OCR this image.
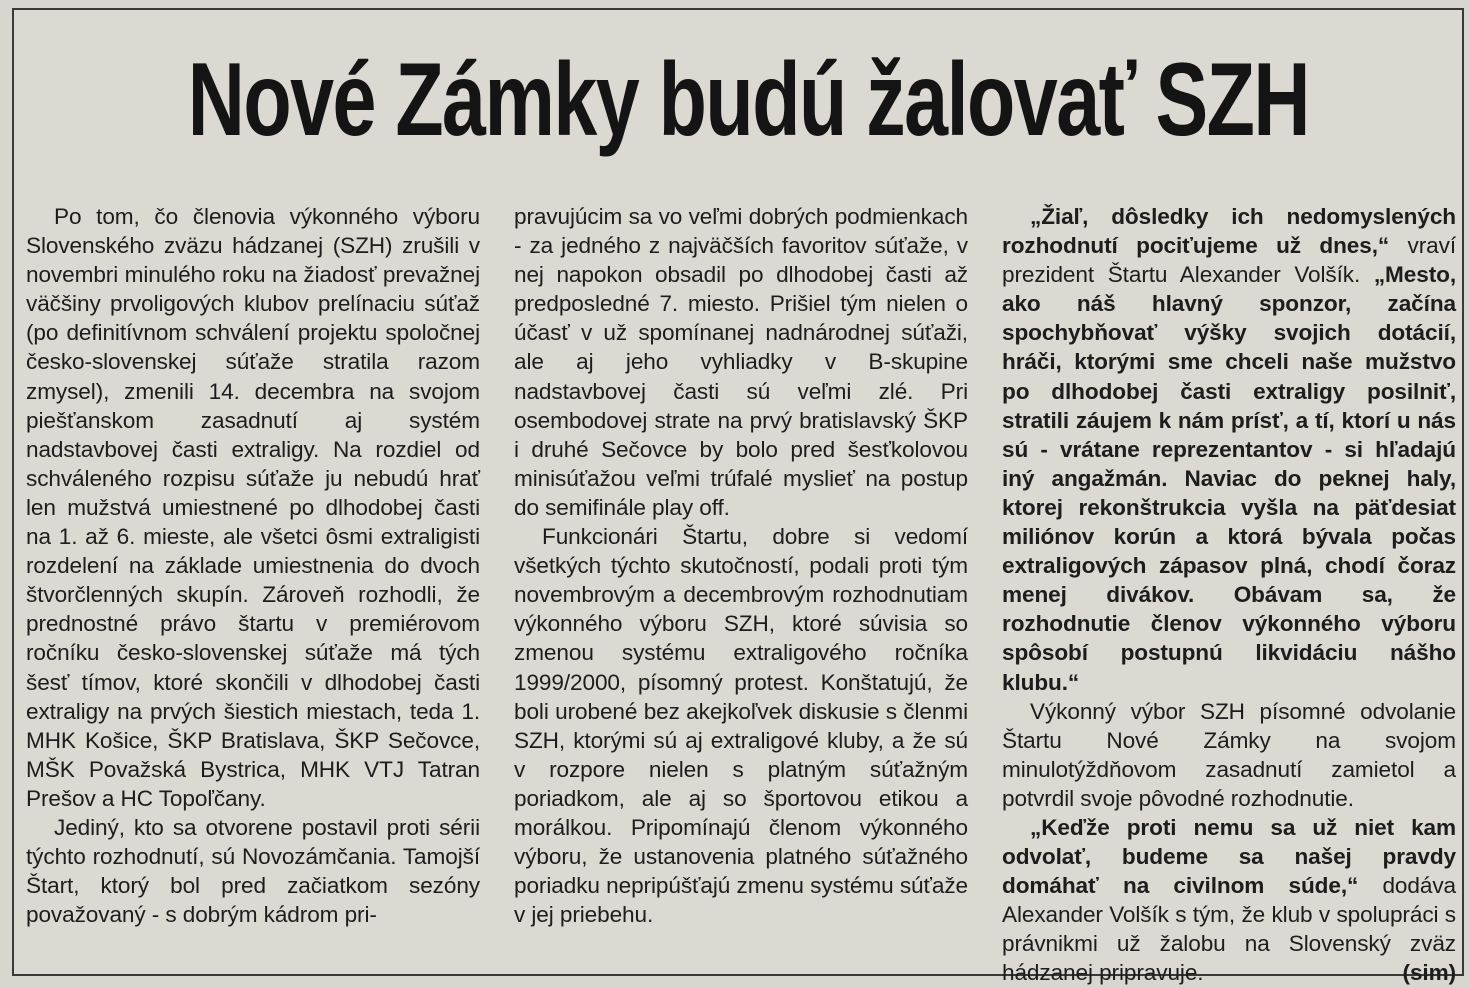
Nové Zámky budú žalovať SZH

Po tom, čo členovia výkonného výboru Slovenského zväzu hádzanej (SZH) zrušili v novembri minulého roku na žiadosť prevažnej väčšiny prvoligových klubov prelínaciu súťaž (po definitívnom schválení projektu spoločnej česko-slovenskej súťaže stratila razom zmysel), zmenili 14. decembra na svojom piešťanskom zasadnutí aj systém nadstavbovej časti extraligy. Na rozdiel od schváleného rozpisu súťaže ju nebudú hrať len mužstvá umiestnené po dlhodobej časti na 1. až 6. mieste, ale všetci ôsmi extraligisti rozdelení na základe umiestnenia do dvoch štvorčlenných skupín. Zároveň rozhodli, že prednostné právo štartu v premiérovom ročníku česko-slovenskej súťaže má tých šesť tímov, ktoré skončili v dlhodobej časti extraligy na prvých šiestich miestach, teda 1. MHK Košice, ŠKP Bratislava, ŠKP Sečovce, MŠK Považská Bystrica, MHK VTJ Tatran Prešov a HC Topoľčany.

Jediný, kto sa otvorene postavil proti sérii týchto rozhodnutí, sú Novozámčania. Tamojší Štart, ktorý bol pred začiatkom sezóny považovaný - s dobrým kádrom pri-

pravujúcim sa vo veľmi dobrých podmienkach - za jedného z najväčších favoritov súťaže, v nej napokon obsadil po dlhodobej časti až predposledné 7. miesto. Prišiel tým nielen o účasť v už spomínanej nadnárodnej súťaži, ale aj jeho vyhliadky v B-skupine nadstavbovej časti sú veľmi zlé. Pri osembodovej strate na prvý bratislavský ŠKP i druhé Sečovce by bolo pred šesťkolovou minisúťažou veľmi trúfalé myslieť na postup do semifinále play off.

Funkcionári Štartu, dobre si vedomí všetkých týchto skutočností, podali proti tým novembrovým a decembrovým rozhodnutiam výkonného výboru SZH, ktoré súvisia so zmenou systému extraligového ročníka 1999/2000, písomný protest. Konštatujú, že boli urobené bez akejkoľvek diskusie s členmi SZH, ktorými sú aj extraligové kluby, a že sú v rozpore nielen s platným súťažným poriadkom, ale aj so športovou etikou a morálkou. Pripomínajú členom výkonného výboru, že ustanovenia platného súťažného poriadku nepripúšťajú zmenu systému súťaže v jej priebehu.

„Žiaľ, dôsledky ich nedomyslených rozhodnutí pociťujeme už dnes,“ vraví prezident Štartu Alexander Volšík. „Mesto, ako náš hlavný sponzor, začína spochybňovať výšky svojich dotácií, hráči, ktorými sme chceli naše mužstvo po dlhodobej časti extraligy posilniť, stratili záujem k nám prísť, a tí, ktorí u nás sú - vrátane reprezentantov - si hľadajú iný angažmán. Naviac do peknej haly, ktorej rekonštrukcia vyšla na päťdesiat miliónov korún a ktorá bývala počas extraligových zápasov plná, chodí čoraz menej divákov. Obávam sa, že rozhodnutie členov výkonného výboru spôsobí postupnú likvidáciu nášho klubu.“

Výkonný výbor SZH písomné odvolanie Štartu Nové Zámky na svojom minulotýždňovom zasadnutí zamietol a potvrdil svoje pôvodné rozhodnutie.

„Keďže proti nemu sa už niet kam odvolať, budeme sa našej pravdy domáhať na civilnom súde,“ dodáva Alexander Volšík s tým, že klub v spolupráci s právnikmi už žalobu na Slovenský zväz hádzanej pripravuje.	(sim)
